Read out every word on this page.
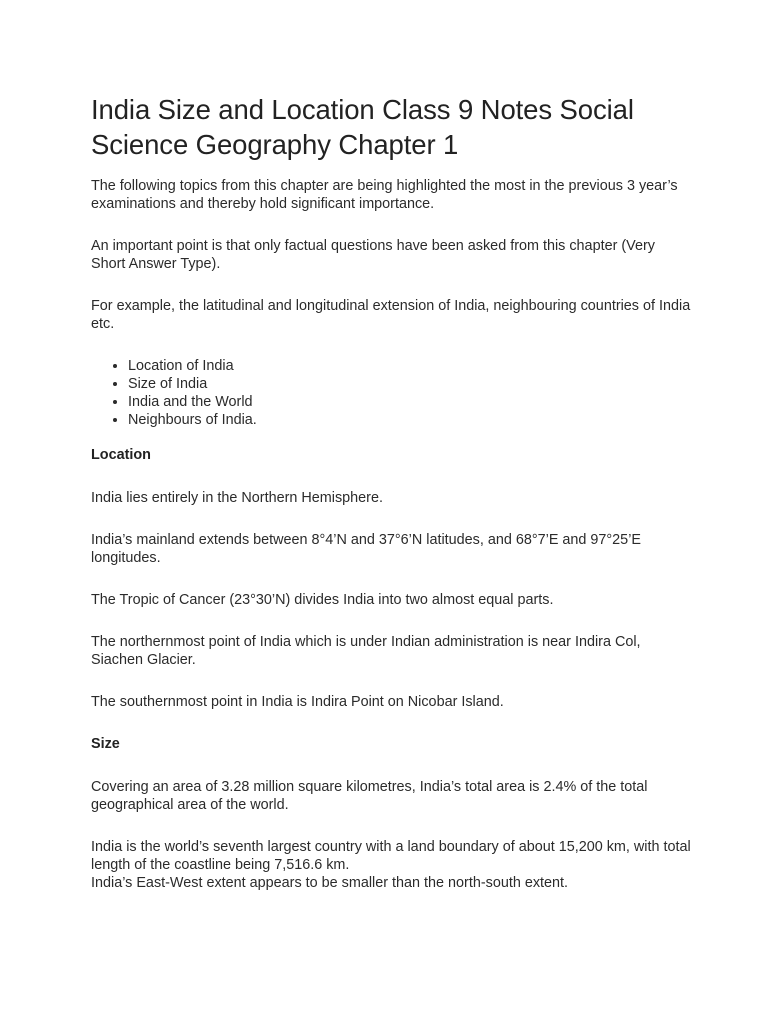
India Size and Location Class 9 Notes Social Science Geography Chapter 1

The following topics from this chapter are being highlighted the most in the previous 3 year’s examinations and thereby hold significant importance.

An important point is that only factual questions have been asked from this chapter (Very Short Answer Type).

For example, the latitudinal and longitudinal extension of India, neighbouring countries of India etc.

• Location of India
• Size of India
• India and the World
• Neighbours of India.
Location

India lies entirely in the Northern Hemisphere.

India’s mainland extends between 8°4’N and 37°6’N latitudes, and 68°7’E and 97°25’E longitudes.

The Tropic of Cancer (23°30’N) divides India into two almost equal parts.

The northernmost point of India which is under Indian administration is near Indira Col, Siachen Glacier.

The southernmost point in India is Indira Point on Nicobar Island.

Size

Covering an area of 3.28 million square kilometres, India’s total area is 2.4% of the total geographical area of the world.

India is the world’s seventh largest country with a land boundary of about 15,200 km, with total length of the coastline being 7,516.6 km.

India’s East-West extent appears to be smaller than the north-south extent.
